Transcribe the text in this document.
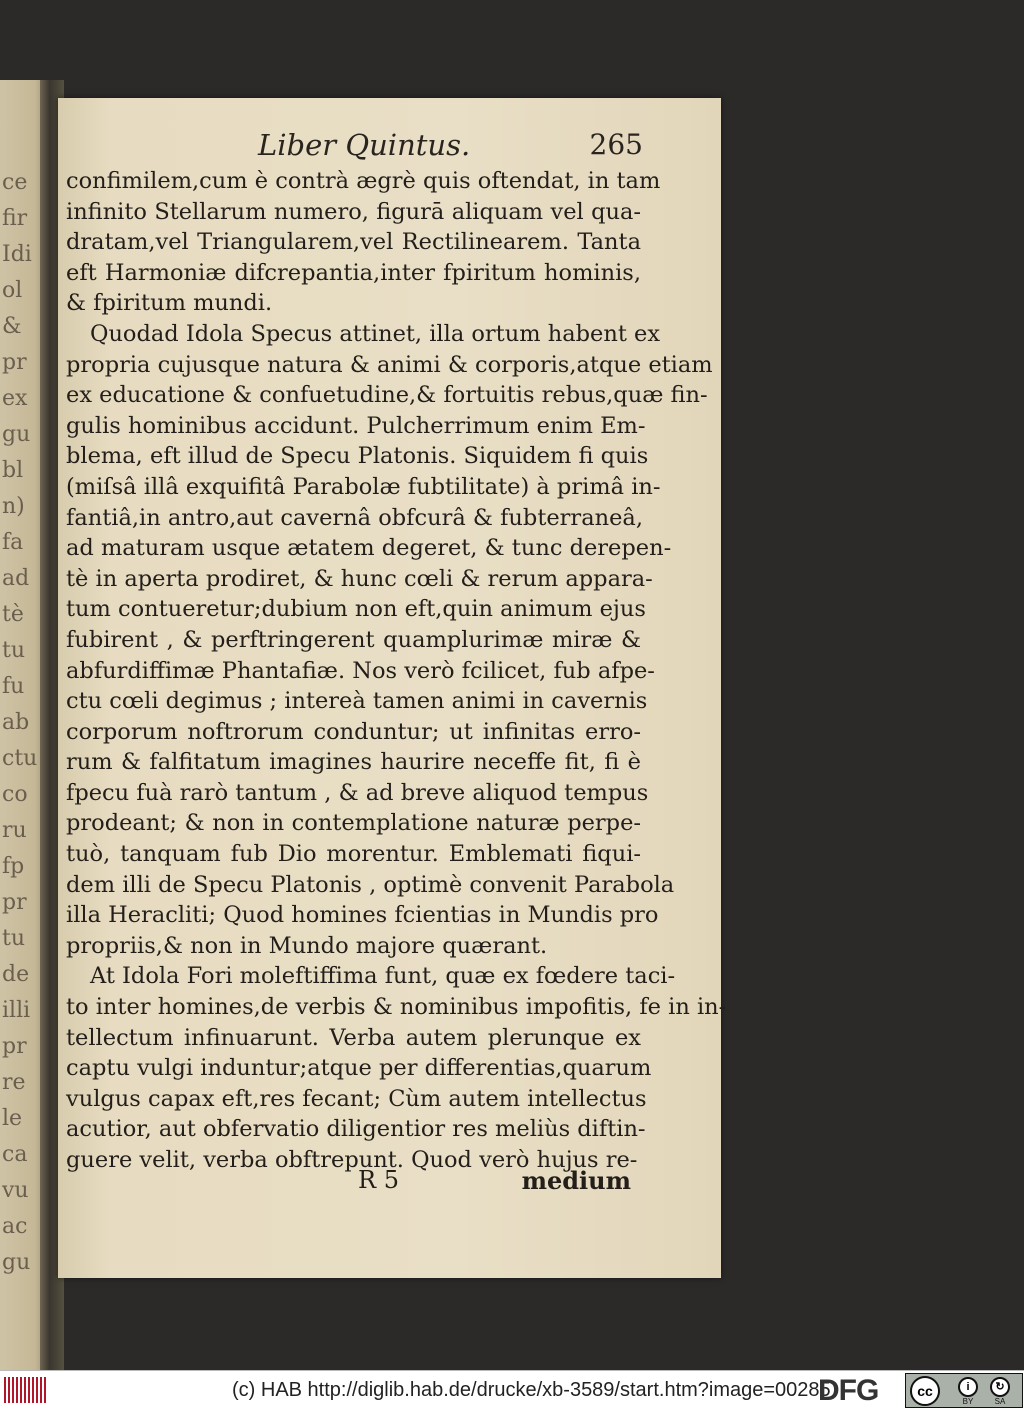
ce
fir
Idi
ol
&
pr
ex
gu
bl
n)
fa
ad
tè
tu
fu
ab
ctu
co
ru
fp
pr
tu
de
illi
pr
re
le
ca
vu
ac
gu
Liber Quintus.	265
confimilem,cum è contrà ægrè quis oftendat, in tam
infinito Stellarum numero, figurā aliquam vel qua-
dratam,vel Triangularem,vel Rectilinearem. Tanta
eft Harmoniæ difcrepantia,inter fpiritum hominis,
& fpiritum mundi.
Quodad Idola Specus attinet, illa ortum habent ex
propria cujusque natura & animi & corporis,atque etiam
ex educatione & confuetudine,& fortuitis rebus,quæ fin-
gulis hominibus accidunt. Pulcherrimum enim Em-
blema, eft illud de Specu Platonis. Siquidem fi quis
(miſsâ illâ exquifitâ Parabolæ fubtilitate) à primâ in-
fantiâ,in antro,aut cavernâ obfcurâ & fubterraneâ,
ad maturam usque ætatem degeret, & tunc derepen-
tè in aperta prodiret, & hunc cœli & rerum appara-
tum contueretur;dubium non eft,quin animum ejus
fubirent , & perftringerent quamplurimæ miræ &
abfurdiffimæ Phantafiæ. Nos verò fcilicet, fub afpe-
ctu cœli degimus ; intereà tamen animi in cavernis
corporum noftrorum conduntur; ut infinitas erro-
rum & falfitatum imagines haurire neceffe fit, fi è
fpecu fuà rarò tantum , & ad breve aliquod tempus
prodeant; & non in contemplatione naturæ perpe-
tuò, tanquam fub Dio morentur. Emblemati fiqui-
dem illi de Specu Platonis , optimè convenit Parabola
illa Heracliti; Quod homines fcientias in Mundis pro
propriis,& non in Mundo majore quærant.
At Idola Fori moleftiffima funt, quæ ex fœdere taci-
to inter homines,de verbis & nominibus impofitis, fe in in-
tellectum infinuarunt. Verba autem plerunque ex
captu vulgi induntur;atque per differentias,quarum
vulgus capax eft,res fecant; Cùm autem intellectus
acutior, aut obfervatio diligentior res meliùs diftin-
guere velit, verba obftrepunt. Quod verò hujus re-
R 5	medium
(c) HAB http://diglib.hab.de/drucke/xb-3589/start.htm?image=00285
DFG	cc	i	↻
BY	SA
